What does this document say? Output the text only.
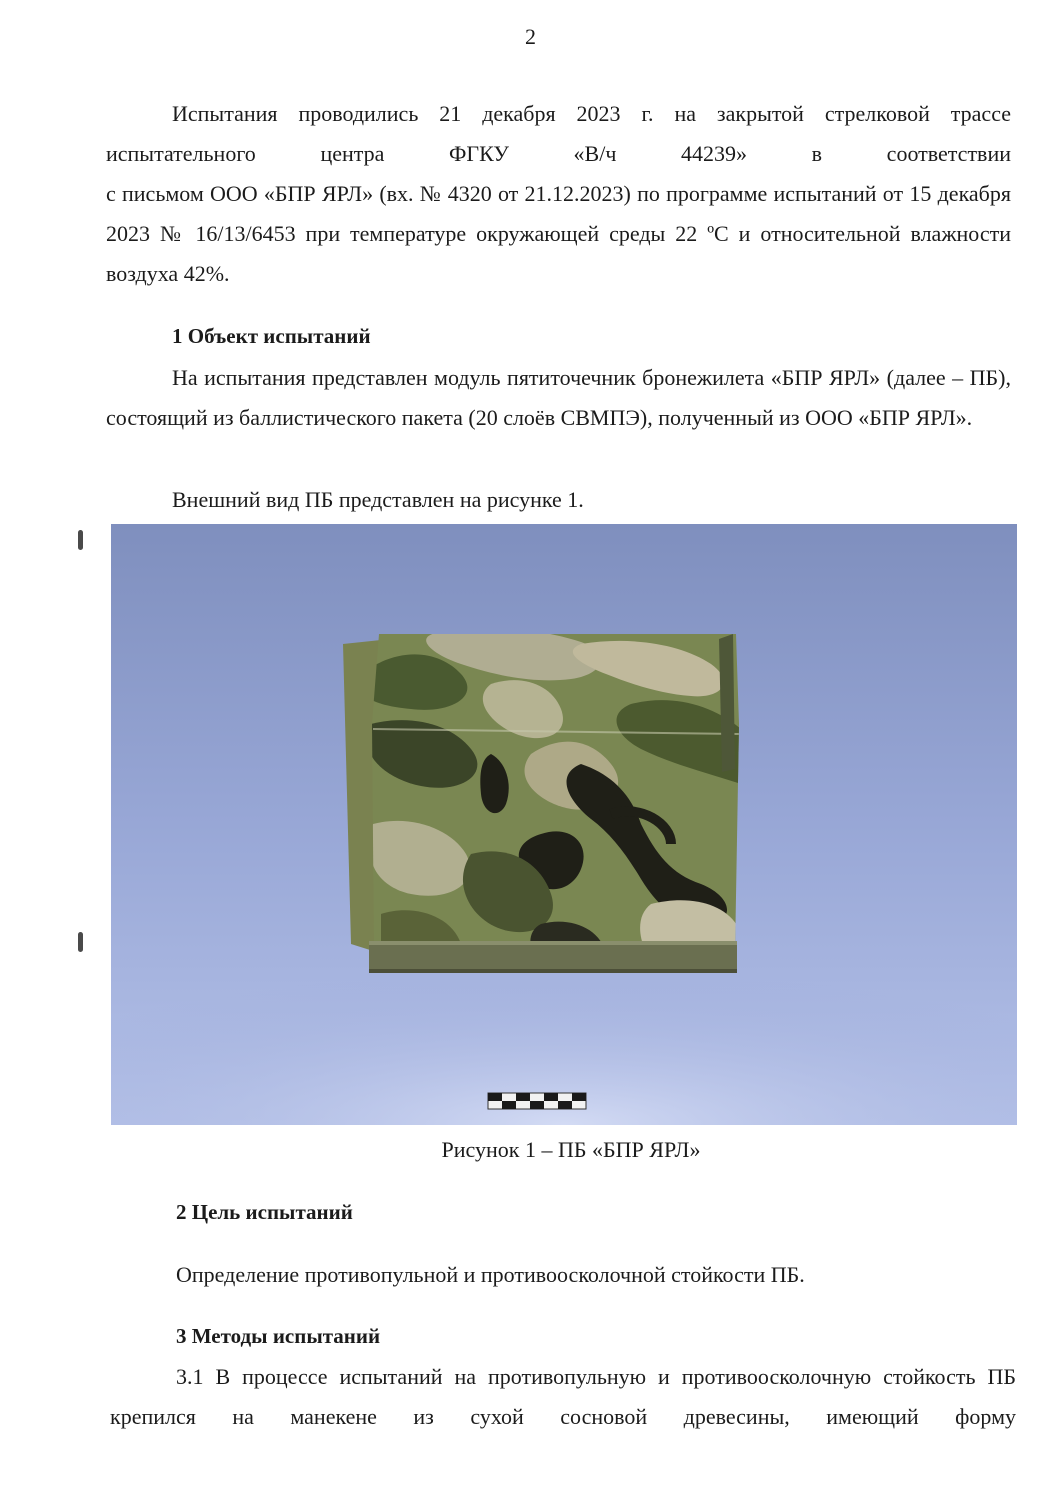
2

Испытания проводились 21 декабря 2023 г. на закрытой стрелковой трассе

испытательного центра ФГКУ «В/ч 44239» в соответствии

с письмом ООО «БПР ЯРЛ» (вх. № 4320 от 21.12.2023) по программе испытаний от 15 декабря 2023 № 16/13/6453 при температуре окружающей среды 22 ºС и относительной влажности воздуха 42%.

1 Объект испытаний

На испытания представлен модуль пятиточечник бронежилета «БПР ЯРЛ» (далее – ПБ), состоящий из баллистического пакета (20 слоёв СВМПЭ), полученный из ООО «БПР ЯРЛ».

Внешний вид ПБ представлен на рисунке 1.

Рисунок 1 – ПБ «БПР ЯРЛ»

2 Цель испытаний

Определение противопульной и противоосколочной стойкости ПБ.

3 Методы испытаний

3.1 В процессе испытаний на противопульную и противоосколочную стойкость ПБ крепился на манекене из сухой сосновой древесины, имеющий форму
